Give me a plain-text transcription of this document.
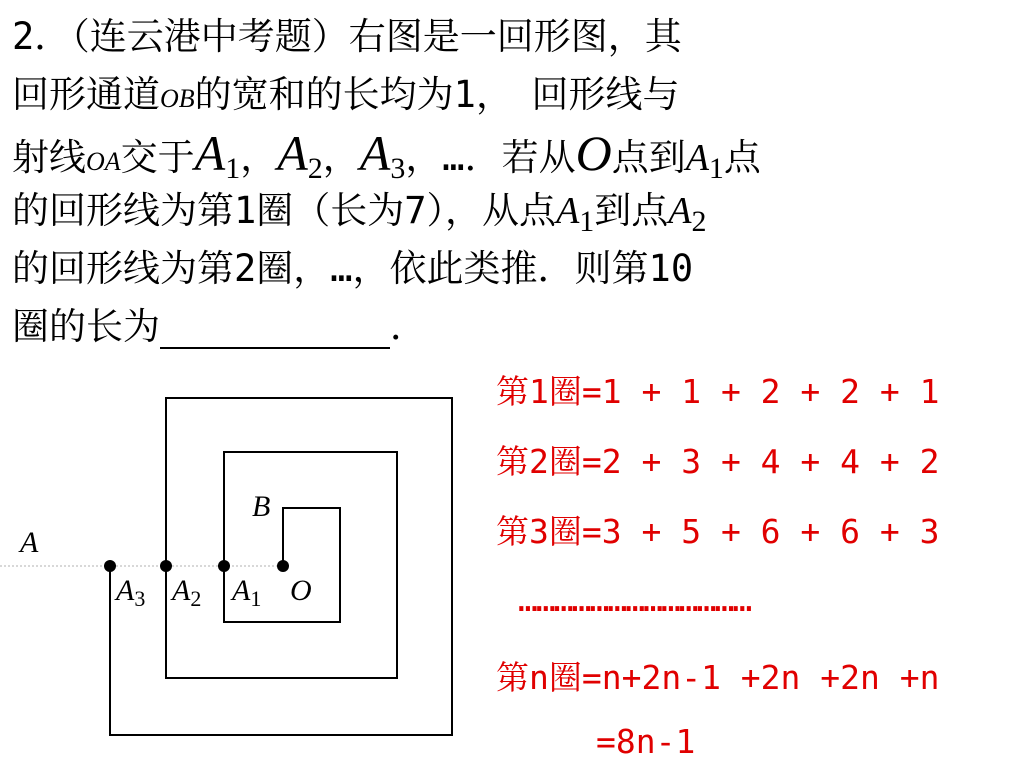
2．（连云港中考题）右图是一回形图，其
回形通道OB的宽和的长均为1，　回形线与
射线OA交于$A_1$，$A_2$，$A_3$，…．若从O点到$A_1$点
的回形线为第1圈（长为7），从点$A_1$到点$A_2$
的回形线为第2圈，…，依此类推．则第10
圈的长为	．
A
B
O
$A_1$
$A_2$
$A_3$
第1圈=1 + 1 + 2 + 2 + 1
第2圈=2 + 3 + 4 + 4 + 2
第3圈=3 + 5 + 6 + 6 + 3
…………………………………
第n圈=n+2n-1 +2n +2n +n
=8n-1
